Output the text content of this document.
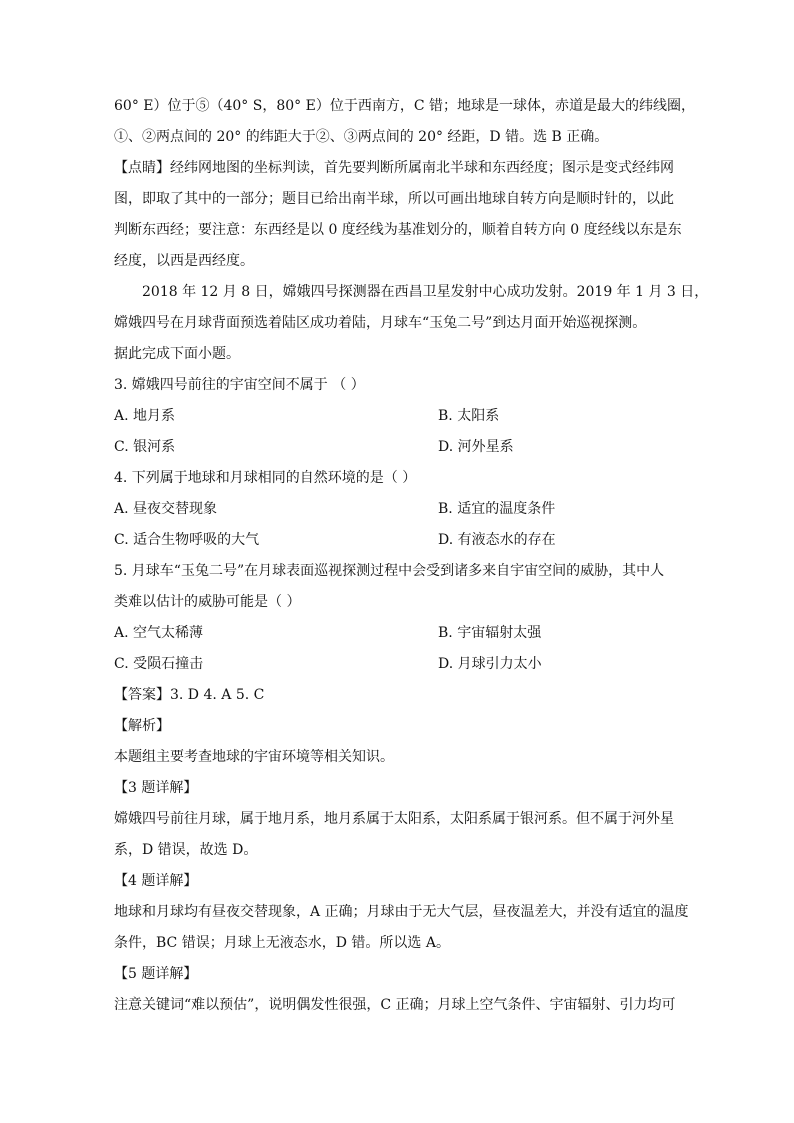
60° E）位于⑤（40° S，80° E）位于西南方，C 错；地球是一球体，赤道是最大的纬线圈，
①、②两点间的 20° 的纬距大于②、③两点间的 20° 经距，D 错。选 B 正确。
【点睛】经纬网地图的坐标判读，首先要判断所属南北半球和东西经度；图示是变式经纬网
图，即取了其中的一部分；题目已给出南半球，所以可画出地球自转方向是顺时针的，以此
判断东西经；要注意：东西经是以 0 度经线为基准划分的，顺着自转方向 0 度经线以东是东
经度，以西是西经度。
2018 年 12 月 8 日，嫦娥四号探测器在西昌卫星发射中心成功发射。2019 年 1 月 3 日，
嫦娥四号在月球背面预选着陆区成功着陆，月球车“玉兔二号”到达月面开始巡视探测。
据此完成下面小题。
3. 嫦娥四号前往的宇宙空间不属于 （ ）
A. 地月系	B. 太阳系
C. 银河系	D. 河外星系
4. 下列属于地球和月球相同的自然环境的是（ ）
A. 昼夜交替现象	B. 适宜的温度条件
C. 适合生物呼吸的大气	D. 有液态水的存在
5. 月球车“玉兔二号”在月球表面巡视探测过程中会受到诸多来自宇宙空间的威胁，其中人
类难以估计的威胁可能是（ ）
A. 空气太稀薄	B. 宇宙辐射太强
C. 受陨石撞击	D. 月球引力太小
【答案】3. D 4. A 5. C
【解析】
本题组主要考查地球的宇宙环境等相关知识。
【3 题详解】
嫦娥四号前往月球，属于地月系，地月系属于太阳系，太阳系属于银河系。但不属于河外星
系，D 错误，故选 D。
【4 题详解】
地球和月球均有昼夜交替现象，A 正确；月球由于无大气层，昼夜温差大，并没有适宜的温度
条件，BC 错误；月球上无液态水，D 错。所以选 A。
【5 题详解】
注意关键词“难以预估”，说明偶发性很强，C 正确；月球上空气条件、宇宙辐射、引力均可
